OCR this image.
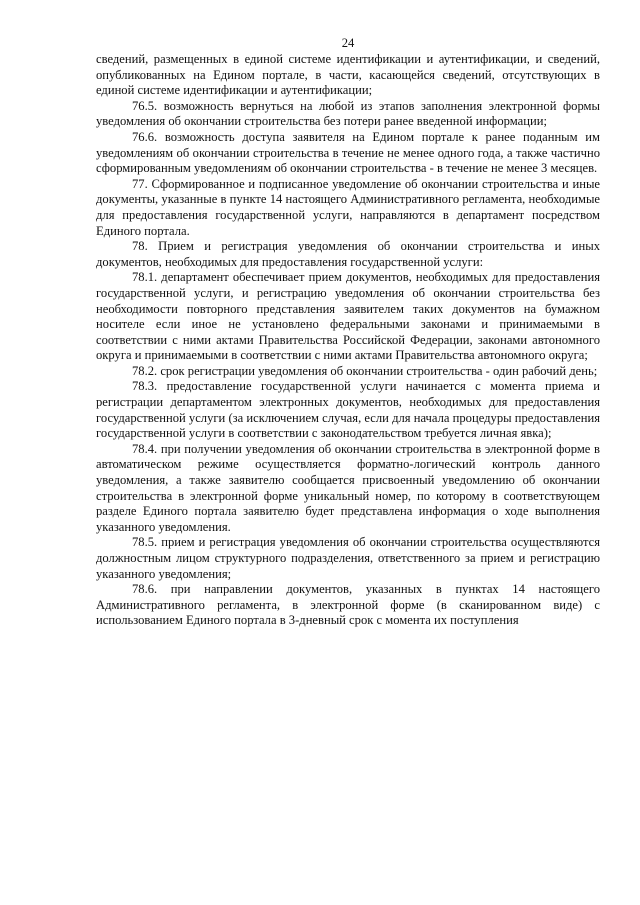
24

сведений, размещенных в единой системе идентификации и аутентификации, и сведений, опубликованных на Едином портале, в части, касающейся сведений, отсутствующих в единой системе идентификации и аутентификации;

76.5. возможность вернуться на любой из этапов заполнения электронной формы уведомления об окончании строительства без потери ранее введенной информации;

76.6. возможность доступа заявителя на Едином портале к ранее поданным им уведомлениям об окончании строительства в течение не менее одного года, а также частично сформированным уведомлениям об окончании строительства - в течение не менее 3 месяцев.

77. Сформированное и подписанное уведомление об окончании строительства и иные документы, указанные в пункте 14 настоящего Административного регламента, необходимые для предоставления государственной услуги, направляются в департамент посредством Единого портала.

78. Прием и регистрация уведомления об окончании строительства и иных документов, необходимых для предоставления государственной услуги:

78.1. департамент обеспечивает прием документов, необходимых для предоставления государственной услуги, и регистрацию уведомления об окончании строительства без необходимости повторного представления заявителем таких документов на бумажном носителе если иное не установлено федеральными законами и принимаемыми в соответствии с ними актами Правительства Российской Федерации, законами автономного округа и принимаемыми в соответствии с ними актами Правительства автономного округа;

78.2. срок регистрации уведомления об окончании строительства - один рабочий день;

78.3. предоставление государственной услуги начинается с момента приема и регистрации департаментом электронных документов, необходимых для предоставления государственной услуги (за исключением случая, если для начала процедуры предоставления государственной услуги в соответствии с законодательством требуется личная явка);

78.4. при получении уведомления об окончании строительства в электронной форме в автоматическом режиме осуществляется форматно-логический контроль данного уведомления, а также заявителю сообщается присвоенный уведомлению об окончании строительства в электронной форме уникальный номер, по которому в соответствующем разделе Единого портала заявителю будет представлена информация о ходе выполнения указанного уведомления.

78.5. прием и регистрация уведомления об окончании строительства осуществляются должностным лицом структурного подразделения, ответственного за прием и регистрацию указанного уведомления;

78.6. при направлении документов, указанных в пунктах 14 настоящего Административного регламента, в электронной форме (в сканированном виде) с использованием Единого портала в 3-дневный срок с момента их поступления
